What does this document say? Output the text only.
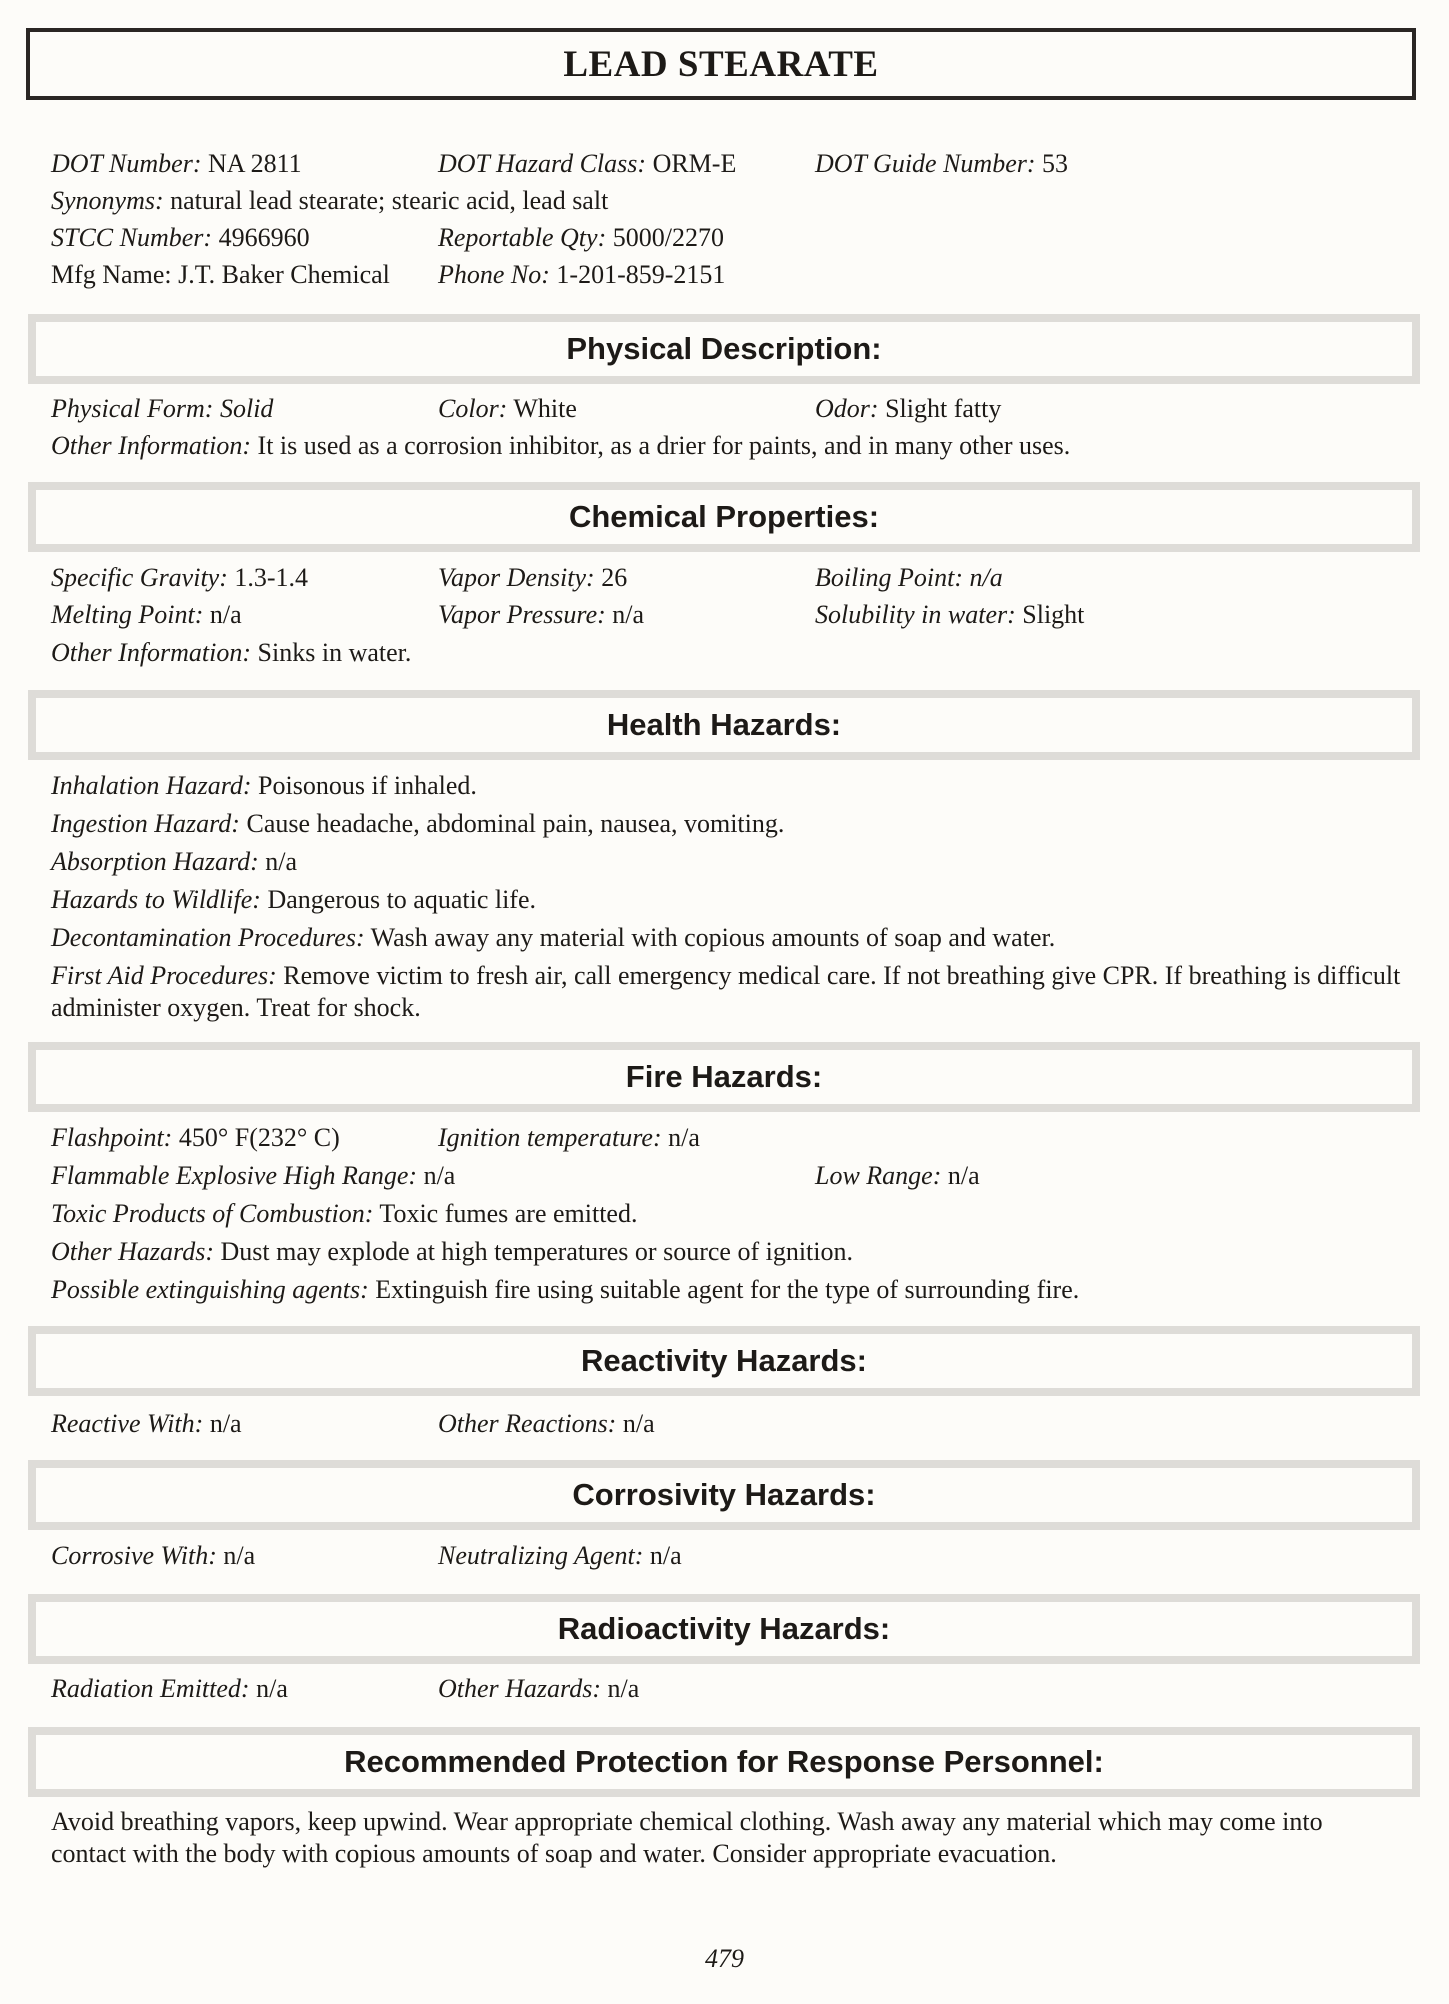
LEAD STEARATE
DOT Number: NA 2811	DOT Hazard Class: ORM-E	DOT Guide Number: 53
Synonyms: natural lead stearate; stearic acid, lead salt
STCC Number: 4966960	Reportable Qty: 5000/2270
Mfg Name: J.T. Baker Chemical Phone No: 1-201-859-2151
Physical Description:
Physical Form: Solid	Color: White	Odor: Slight fatty
Other Information: It is used as a corrosion inhibitor, as a drier for paints, and in many other uses.
Chemical Properties:
Specific Gravity: 1.3-1.4	Vapor Density: 26	Boiling Point: n/a
Melting Point: n/a	Vapor Pressure: n/a	Solubility in water: Slight
Other Information: Sinks in water.
Health Hazards:
Inhalation Hazard: Poisonous if inhaled.
Ingestion Hazard: Cause headache, abdominal pain, nausea, vomiting.
Absorption Hazard: n/a
Hazards to Wildlife: Dangerous to aquatic life.
Decontamination Procedures: Wash away any material with copious amounts of soap and water.
First Aid Procedures: Remove victim to fresh air, call emergency medical care. If not breathing give CPR. If breathing is difficult administer oxygen. Treat for shock.
Fire Hazards:
Flashpoint: 450° F(232° C)	Ignition temperature: n/a
Flammable Explosive High Range: n/a	Low Range: n/a
Toxic Products of Combustion: Toxic fumes are emitted.
Other Hazards: Dust may explode at high temperatures or source of ignition.
Possible extinguishing agents: Extinguish fire using suitable agent for the type of surrounding fire.
Reactivity Hazards:
Reactive With: n/a	Other Reactions: n/a
Corrosivity Hazards:
Corrosive With: n/a	Neutralizing Agent: n/a
Radioactivity Hazards:
Radiation Emitted: n/a	Other Hazards: n/a
Recommended Protection for Response Personnel:
Avoid breathing vapors, keep upwind. Wear appropriate chemical clothing. Wash away any material which may come into contact with the body with copious amounts of soap and water. Consider appropriate evacuation.
479
